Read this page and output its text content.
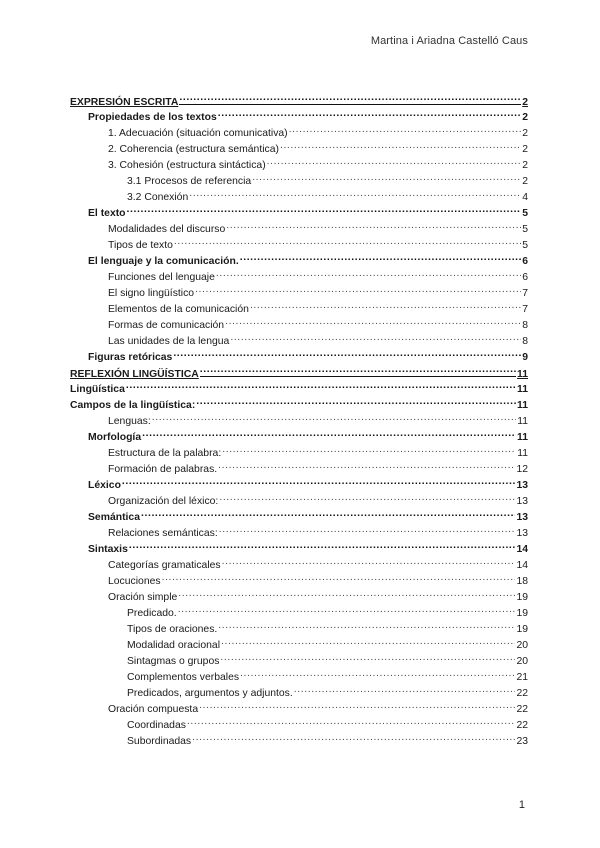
Martina i Ariadna Castelló Caus
EXPRESIÓN ESCRITA .....	2
Propiedades de los textos .....	2
1. Adecuación (situación comunicativa) .....	2
2. Coherencia (estructura semántica) .....	2
3. Cohesión (estructura sintáctica) .....	2
3.1 Procesos de referencia .....	2
3.2 Conexión .....	4
El texto .....	5
Modalidades del discurso .....	5
Tipos de texto .....	5
El lenguaje y la comunicación. .....	6
Funciones del lenguaje .....	6
El signo lingüístico .....	7
Elementos de la comunicación .....	7
Formas de comunicación .....	8
Las unidades de la lengua .....	8
Figuras retóricas .....	9
REFLEXIÓN LINGÜÍSTICA .....	11
Lingüística .....	11
Campos de la lingüística: .....	11
Lenguas: .....	11
Morfología .....	11
Estructura de la palabra: .....	11
Formación de palabras. .....	12
Léxico .....	13
Organización del léxico: .....	13
Semántica .....	13
Relaciones semánticas: .....	13
Sintaxis .....	14
Categorías gramaticales .....	14
Locuciones .....	18
Oración simple .....	19
Predicado. .....	19
Tipos de oraciones. .....	19
Modalidad oracional .....	20
Sintagmas o grupos .....	20
Complementos verbales .....	21
Predicados, argumentos y adjuntos. .....	22
Oración compuesta .....	22
Coordinadas .....	22
Subordinadas .....	23
1
